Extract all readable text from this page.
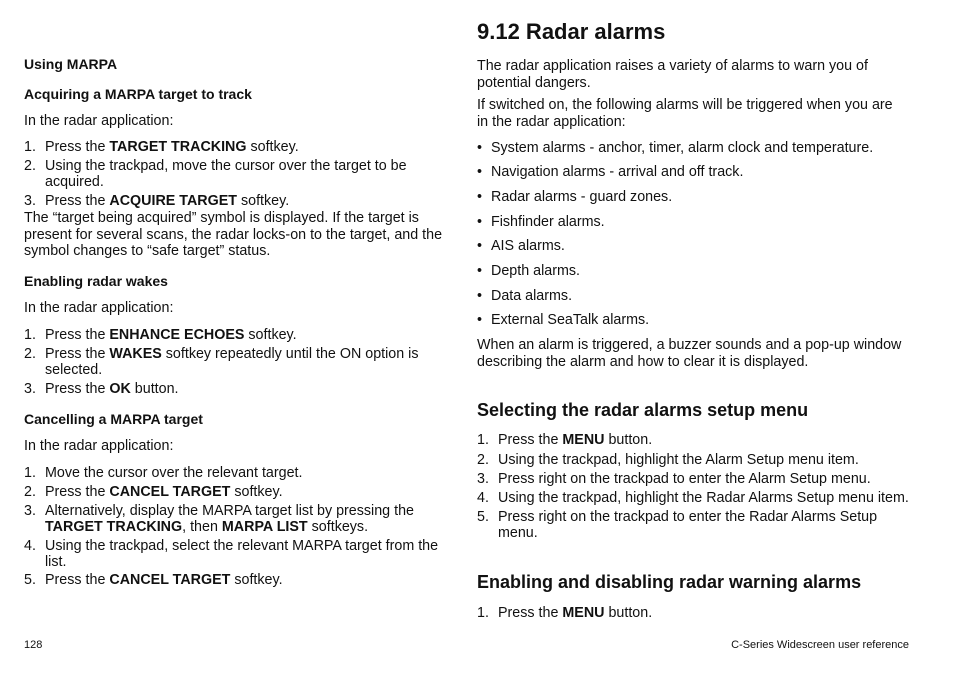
Using MARPA
Acquiring a MARPA target to track
In the radar application:
1. Press the TARGET TRACKING softkey.
2. Using the trackpad, move the cursor over the target to be acquired.
3. Press the ACQUIRE TARGET softkey.
The “target being acquired” symbol is displayed. If the target is present for several scans, the radar locks-on to the target, and the symbol changes to “safe target” status.
Enabling radar wakes
In the radar application:
1. Press the ENHANCE ECHOES softkey.
2. Press the WAKES softkey repeatedly until the ON option is selected.
3. Press the OK button.
Cancelling a MARPA target
In the radar application:
1. Move the cursor over the relevant target.
2. Press the CANCEL TARGET softkey.
3. Alternatively, display the MARPA target list by pressing the TARGET TRACKING, then MARPA LIST softkeys.
4. Using the trackpad, select the relevant MARPA target from the list.
5. Press the CANCEL TARGET softkey.
128
9.12 Radar alarms
The radar application raises a variety of alarms to warn you of potential dangers.
If switched on, the following alarms will be triggered when you are in the radar application:
• System alarms - anchor, timer, alarm clock and temperature.
• Navigation alarms - arrival and off track.
• Radar alarms - guard zones.
• Fishfinder alarms.
• AIS alarms.
• Depth alarms.
• Data alarms.
• External SeaTalk alarms.
When an alarm is triggered, a buzzer sounds and a pop-up window describing the alarm and how to clear it is displayed.
Selecting the radar alarms setup menu
1. Press the MENU button.
2. Using the trackpad, highlight the Alarm Setup menu item.
3. Press right on the trackpad to enter the Alarm Setup menu.
4. Using the trackpad, highlight the Radar Alarms Setup menu item.
5. Press right on the trackpad to enter the Radar Alarms Setup menu.
Enabling and disabling radar warning alarms
1. Press the MENU button.
C-Series Widescreen user reference
